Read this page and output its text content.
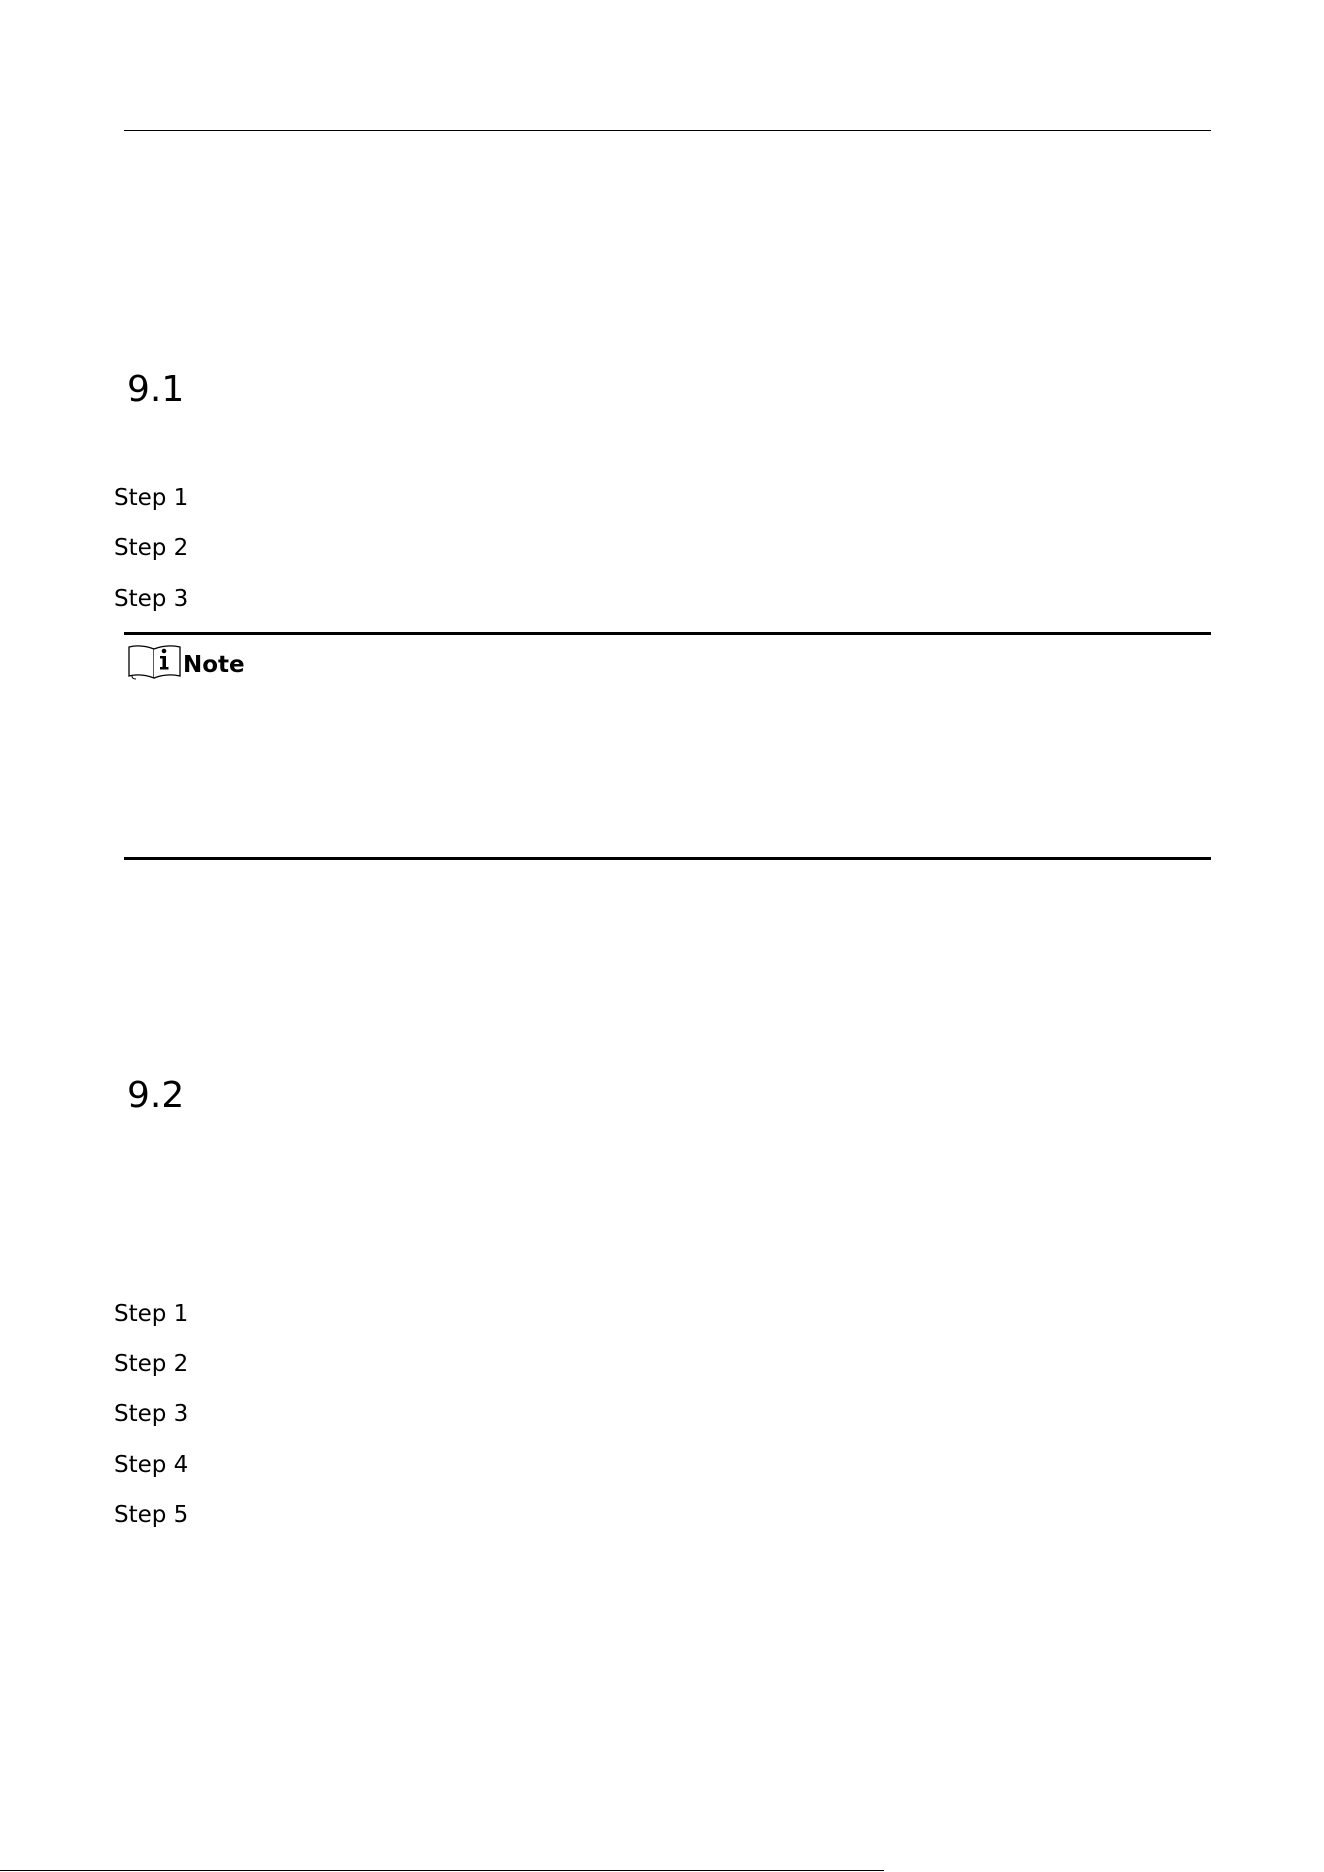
9.1
Step 1
Step 2
Step 3
Note
9.2
Step 1
Step 2
Step 3
Step 4
Step 5
